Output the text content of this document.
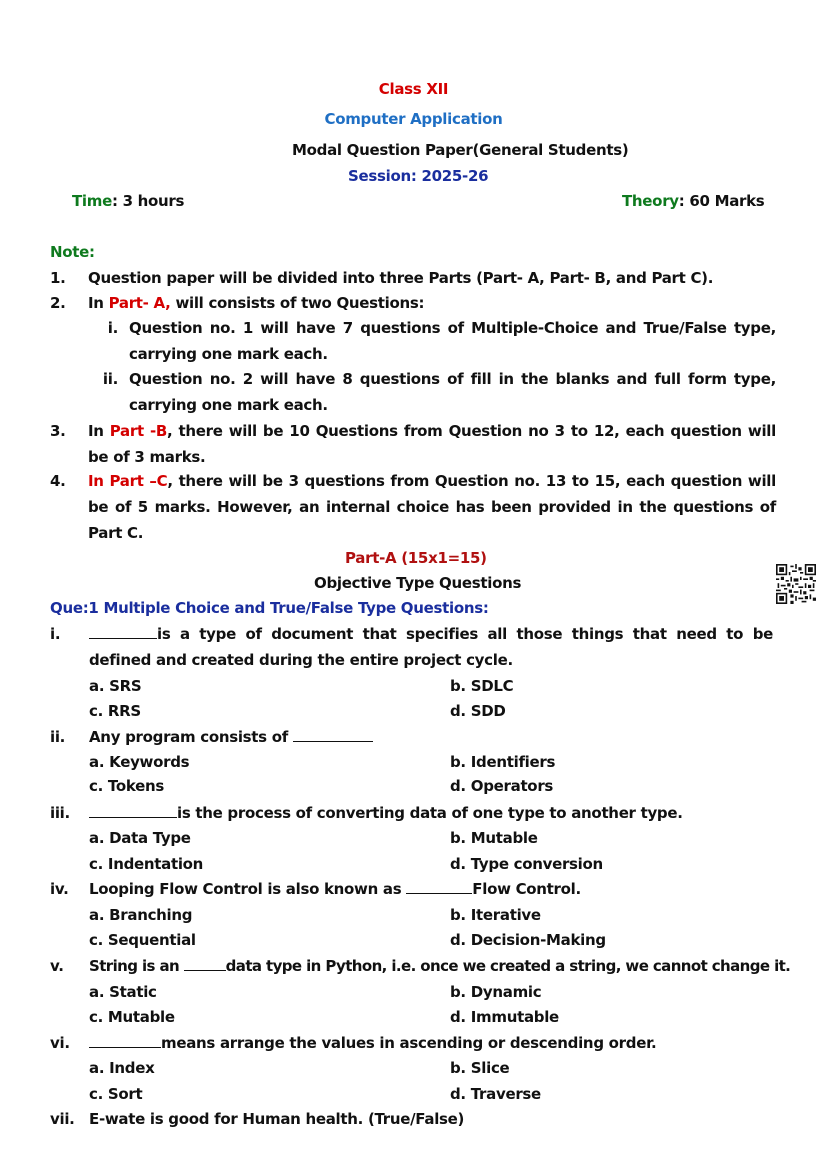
Class XII
Computer Application
Modal Question Paper(General Students)
Session: 2025-26
Time: 3 hours	Theory: 60 Marks
Note:
1.	Question paper will be divided into three Parts (Part- A, Part- B, and Part C).
2.	In Part- A, will consists of two Questions:
i. Question no. 1 will have 7 questions of Multiple-Choice and True/False type, carrying one mark each.
ii. Question no. 2 will have 8 questions of fill in the blanks and full form type, carrying one mark each.
3.	In Part -B, there will be 10 Questions from Question no 3 to 12, each question will be of 3 marks.
4.	In Part –C, there will be 3 questions from Question no. 13 to 15, each question will be of 5 marks. However, an internal choice has been provided in the questions of Part C.
Part-A (15x1=15)
Objective Type Questions
Que:1 Multiple Choice and True/False Type Questions:
i.	is a type of document that specifies all those things that need to be defined and created during the entire project cycle.
a. SRS	b. SDLC
c. RRS	d. SDD
ii.	Any program consists of
a. Keywords	b. Identifiers
c. Tokens	d. Operators
iii.	is the process of converting data of one type to another type.
a. Data Type	b. Mutable
c. Indentation	d. Type conversion
iv.	Looping Flow Control is also known as	Flow Control.
a. Branching	b. Iterative
c. Sequential	d. Decision-Making
v.	String is an	data type in Python, i.e. once we created a string, we cannot change it.
a. Static	b. Dynamic
c. Mutable	d. Immutable
vi.	means arrange the values in ascending or descending order.
a. Index	b. Slice
c. Sort	d. Traverse
vii. E-wate is good for Human health. (True/False)
